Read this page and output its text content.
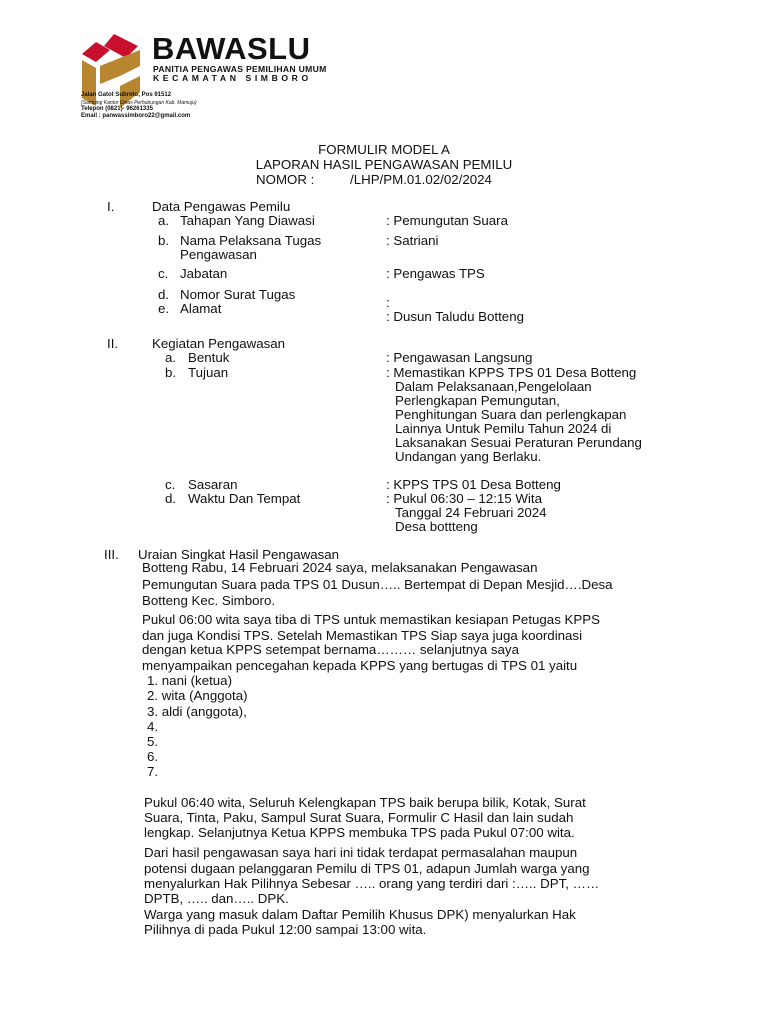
BAWASLU
PANITIA PENGAWAS PEMILIHAN UMUM
KECAMATAN SIMBORO
Jalan Gatot Subroto, Pos 91512
(Samping Kantor Dinas Perhubungan Kab. Mamuju)
Telepon (0821)- 96261335
Email : panwassimboro22@gmail.com
FORMULIR MODEL A
LAPORAN HASIL PENGAWASAN PEMILU
NOMOR :	/LHP/PM.01.02/02/2024
I.	Data Pengawas Pemilu
a. Tahapan Yang Diawasi	: Pemungutan Suara
b. Nama Pelaksana Tugas
Pengawasan
: Satriani
c. Jabatan	: Pengawas TPS
d. Nomor Surat Tugas
:
e. Alamat
: Dusun Taludu Botteng
II.	Kegiatan Pengawasan
a. Bentuk	: Pengawasan Langsung
b. Tujuan	: Memastikan KPPS TPS 01 Desa Botteng
Dalam Pelaksanaan,Pengelolaan
Perlengkapan Pemungutan,
Penghitungan Suara dan perlengkapan
Lainnya Untuk Pemilu Tahun 2024 di
Laksanakan Sesuai Peraturan Perundang
Undangan yang Berlaku.
c. Sasaran	: KPPS TPS 01 Desa Botteng
d. Waktu Dan Tempat	: Pukul 06:30 – 12:15 Wita
Tanggal 24 Februari 2024
Desa bottteng
III. Uraian Singkat Hasil Pengawasan
Botteng Rabu, 14 Februari 2024 saya, melaksanakan Pengawasan
Pemungutan Suara pada TPS 01 Dusun….. Bertempat di Depan Mesjid….Desa
Botteng Kec. Simboro.
Pukul 06:00 wita saya tiba di TPS untuk memastikan kesiapan Petugas KPPS
dan juga Kondisi TPS. Setelah Memastikan TPS Siap saya juga koordinasi
dengan ketua KPPS setempat bernama……… selanjutnya saya
menyampaikan pencegahan kepada KPPS yang bertugas di TPS 01 yaitu
1. nani (ketua)
2. wita (Anggota)
3. aldi (anggota),
4.
5.
6.
7.
Pukul 06:40 wita, Seluruh Kelengkapan TPS baik berupa bilik, Kotak, Surat
Suara, Tinta, Paku, Sampul Surat Suara, Formulir C Hasil dan lain sudah
lengkap. Selanjutnya Ketua KPPS membuka TPS pada Pukul 07:00 wita.
Dari hasil pengawasan saya hari ini tidak terdapat permasalahan maupun
potensi dugaan pelanggaran Pemilu di TPS 01, adapun Jumlah warga yang
menyalurkan Hak Pilihnya Sebesar ….. orang yang terdiri dari :….. DPT, ……
DPTB, ….. dan….. DPK.
Warga yang masuk dalam Daftar Pemilih Khusus DPK) menyalurkan Hak
Pilihnya di pada Pukul 12:00 sampai 13:00 wita.
